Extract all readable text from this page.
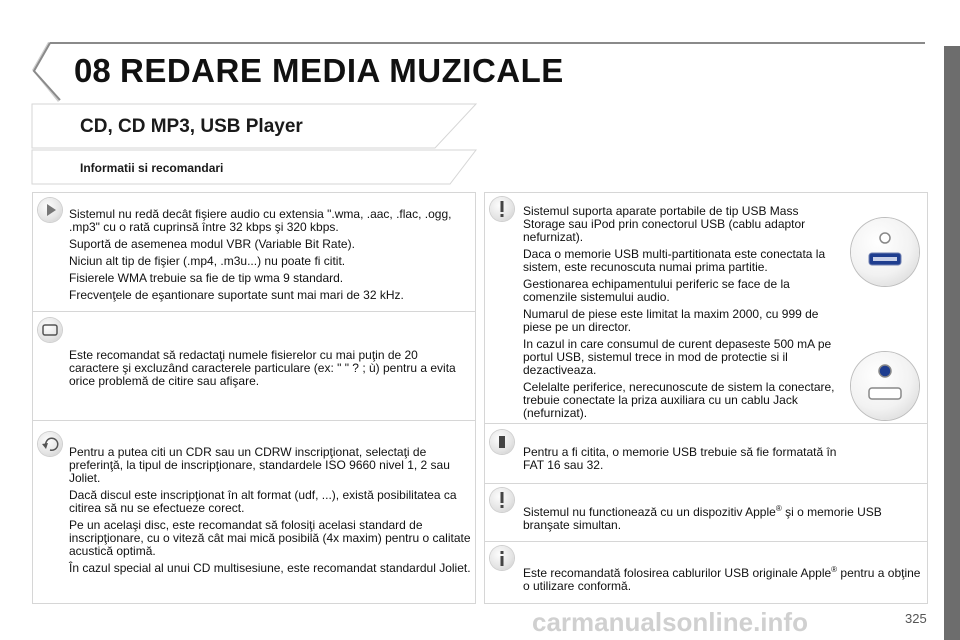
08 REDARE MEDIA MUZICALE
CD, CD MP3, USB Player
Informatii si recomandari

Sistemul nu redă decât fişiere audio cu extensia ".wma, .aac, .flac, .ogg, .mp3" cu o rată cuprinsă între 32 kbps şi 320 kbps.

Suportă de asemenea modul VBR (Variable Bit Rate).

Niciun alt tip de fişier (.mp4, .m3u...) nu poate fi citit.

Fisierele WMA trebuie sa fie de tip wma 9 standard.

Frecvenţele de eşantionare suportate sunt mai mari de 32 kHz.

Este recomandat să redactaţi numele fisierelor cu mai puţin de 20 caractere şi excluzând caracterele particulare (ex: " " ? ; ù) pentru a evita orice problemă de citire sau afişare.

Pentru a putea citi un CDR sau un CDRW inscripţionat, selectaţi de preferinţă, la tipul de inscripţionare, standardele ISO 9660 nivel 1, 2 sau Joliet.

Dacă discul este inscripţionat în alt format (udf, ...), există posibilitatea ca citirea să nu se efectueze corect.

Pe un acelaşi disc, este recomandat să folosiţi acelasi standard de inscripţionare, cu o viteză cât mai mică posibilă (4x maxim) pentru o calitate acustică optimă.

În cazul special al unui CD multisesiune, este recomandat standardul Joliet.

Sistemul suporta aparate portabile de tip USB Mass Storage sau iPod prin conectorul USB (cablu adaptor nefurnizat).

Daca o memorie USB multi-partitionata este conectata la sistem, este recunoscuta numai prima partitie.

Gestionarea echipamentului periferic se face de la comenzile sistemului audio.

Numarul de piese este limitat la maxim 2000, cu 999 de piese pe un director.

In cazul in care consumul de curent depaseste 500 mA pe portul USB, sistemul trece in mod de protectie si il dezactiveaza.

Celelalte periferice, nerecunoscute de sistem la conectare, trebuie conectate la priza auxiliara cu un cablu Jack (nefurnizat).

Pentru a fi citita, o memorie USB trebuie să fie formatată în FAT 16 sau 32.

Sistemul nu functionează cu un dispozitiv Apple® şi o memorie USB branşate simultan.

Este recomandată folosirea cablurilor USB originale Apple® pentru a obţine o utilizare conformă.

325
carmanualsonline.info
